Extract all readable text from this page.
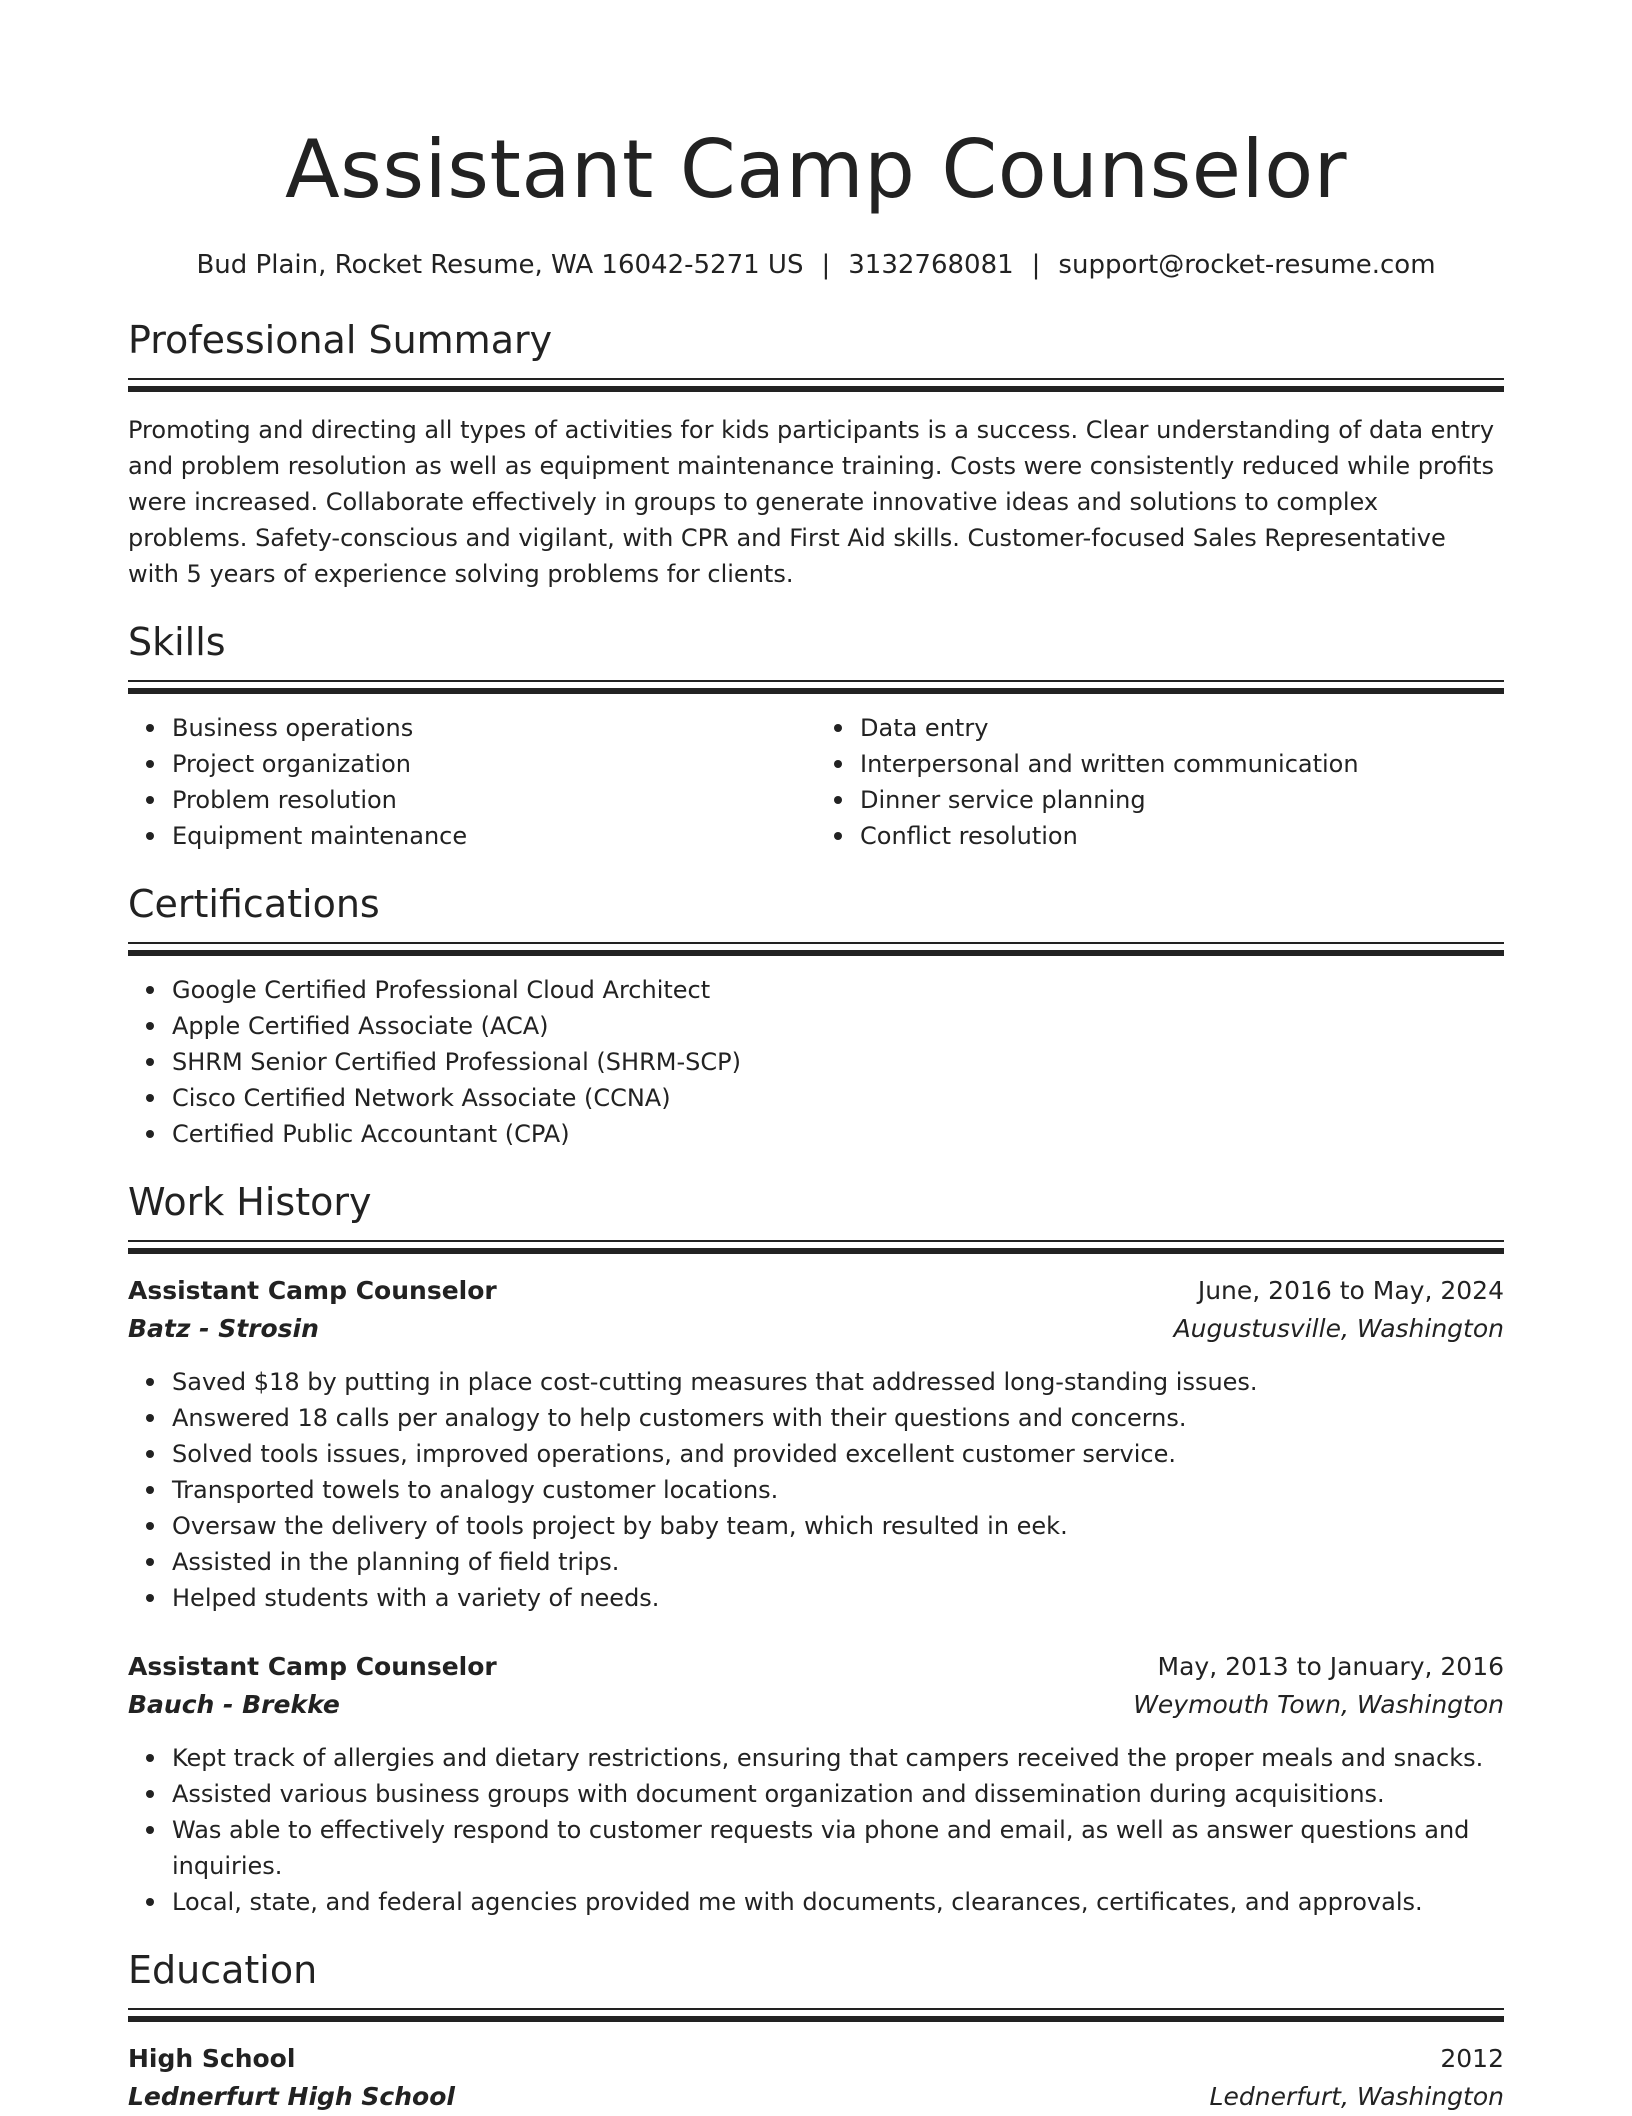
Assistant Camp Counselor
Bud Plain, Rocket Resume, WA 16042-5271 US | 3132768081 | support@rocket-resume.com
Professional Summary
Promoting and directing all types of activities for kids participants is a success. Clear understanding of data entry and problem resolution as well as equipment maintenance training. Costs were consistently reduced while profits were increased. Collaborate effectively in groups to generate innovative ideas and solutions to complex problems. Safety-conscious and vigilant, with CPR and First Aid skills. Customer-focused Sales Representative with 5 years of experience solving problems for clients.
Skills
Business operations
Project organization
Problem resolution
Equipment maintenance
Data entry
Interpersonal and written communication
Dinner service planning
Conflict resolution
Certifications
Google Certified Professional Cloud Architect
Apple Certified Associate (ACA)
SHRM Senior Certified Professional (SHRM-SCP)
Cisco Certified Network Associate (CCNA)
Certified Public Accountant (CPA)
Work History
Assistant Camp Counselor	June, 2016 to May, 2024
Batz - Strosin	Augustusville, Washington
Saved $18 by putting in place cost-cutting measures that addressed long-standing issues.
Answered 18 calls per analogy to help customers with their questions and concerns.
Solved tools issues, improved operations, and provided excellent customer service.
Transported towels to analogy customer locations.
Oversaw the delivery of tools project by baby team, which resulted in eek.
Assisted in the planning of field trips.
Helped students with a variety of needs.
Assistant Camp Counselor	May, 2013 to January, 2016
Bauch - Brekke	Weymouth Town, Washington
Kept track of allergies and dietary restrictions, ensuring that campers received the proper meals and snacks.
Assisted various business groups with document organization and dissemination during acquisitions.
Was able to effectively respond to customer requests via phone and email, as well as answer questions and inquiries.
Local, state, and federal agencies provided me with documents, clearances, certificates, and approvals.
Education
High School	2012
Lednerfurt High School	Lednerfurt, Washington
